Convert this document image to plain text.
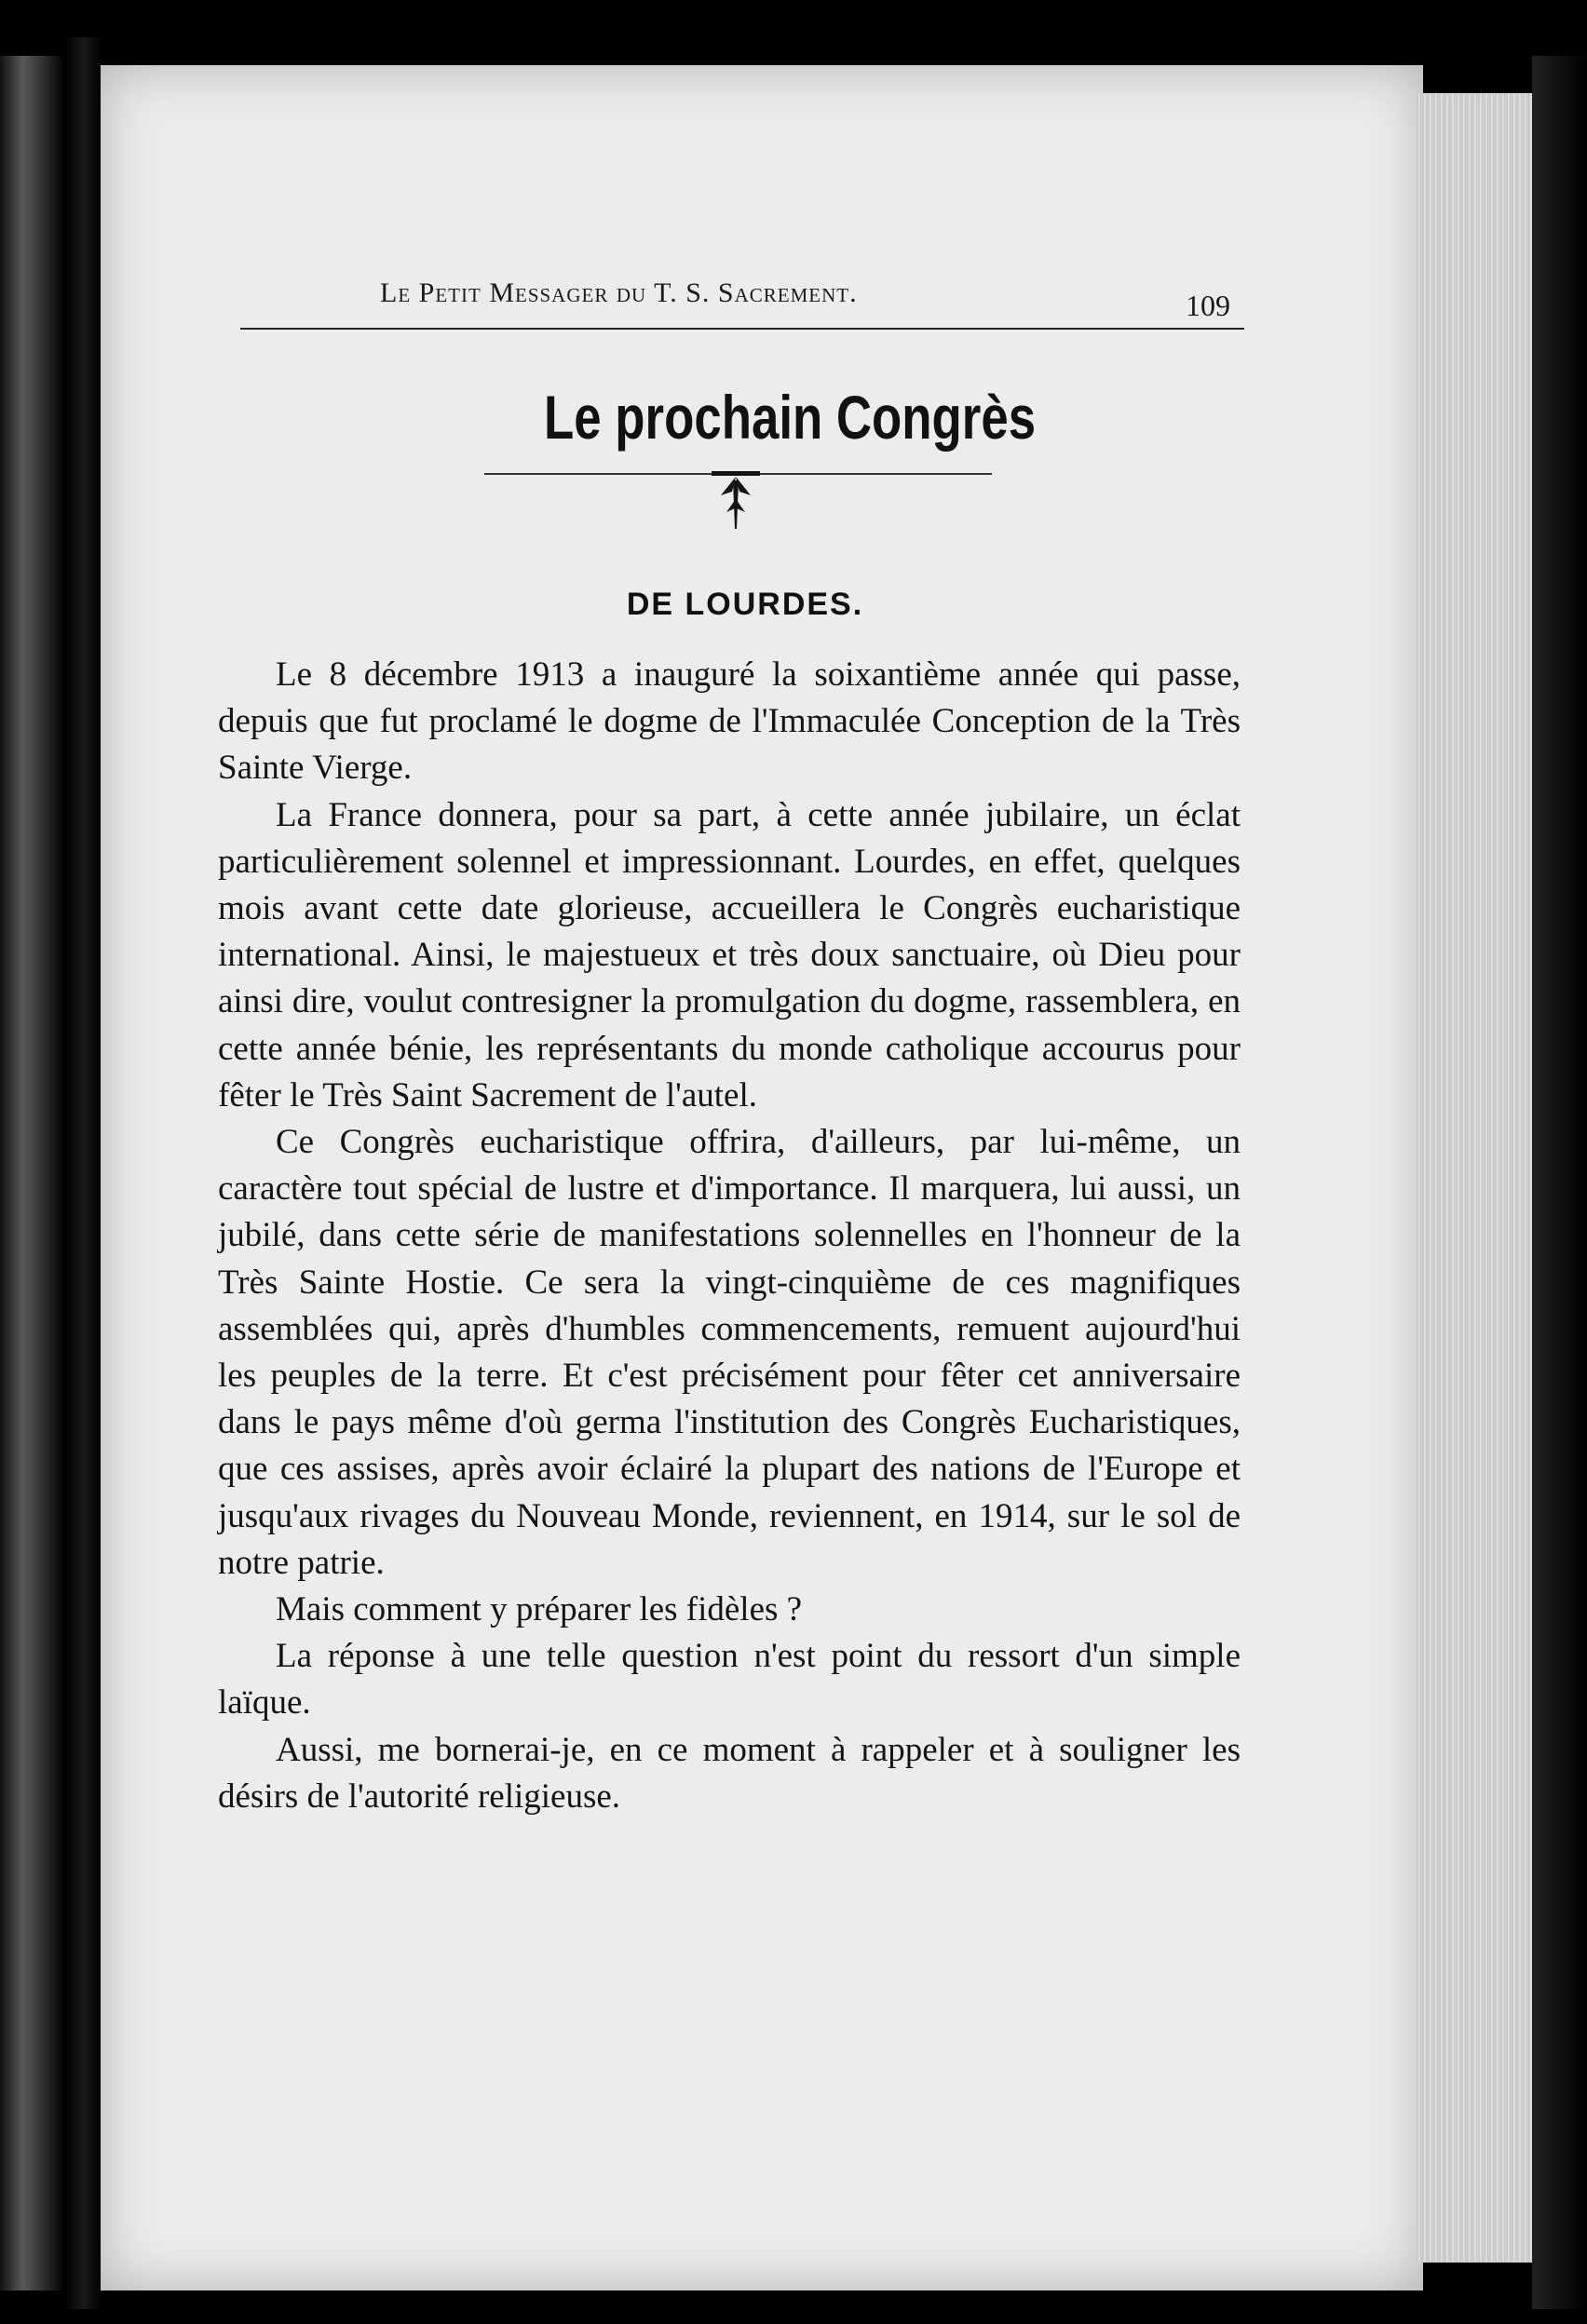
Le Petit Messager du T. S. Sacrement.	109
Le prochain Congrès
DE LOURDES.

Le 8 décembre 1913 a inauguré la soixantième année qui passe, depuis que fut proclamé le dogme de l'Immaculée Conception de la Très Sainte Vierge.

La France donnera, pour sa part, à cette année jubilaire, un éclat particulièrement solennel et impressionnant. Lourdes, en effet, quelques mois avant cette date glorieuse, accueillera le Congrès eucharistique international. Ainsi, le majestueux et très doux sanctuaire, où Dieu pour ainsi dire, voulut contresigner la promulgation du dogme, rassemblera, en cette année bénie, les représentants du monde catholique accourus pour fêter le Très Saint Sacrement de l'autel.

Ce Congrès eucharistique offrira, d'ailleurs, par lui-même, un caractère tout spécial de lustre et d'importance. Il marquera, lui aussi, un jubilé, dans cette série de manifestations solennelles en l'honneur de la Très Sainte Hostie. Ce sera la vingt-cinquième de ces magnifiques assemblées qui, après d'humbles commencements, remuent aujourd'hui les peuples de la terre. Et c'est précisément pour fêter cet anniversaire dans le pays même d'où germa l'institution des Congrès Eucharistiques, que ces assises, après avoir éclairé la plupart des nations de l'Europe et jusqu'aux rivages du Nouveau Monde, reviennent, en 1914, sur le sol de notre patrie.

Mais comment y préparer les fidèles ?

La réponse à une telle question n'est point du ressort d'un simple laïque.

Aussi, me bornerai-je, en ce moment à rappeler et à souligner les désirs de l'autorité religieuse.
